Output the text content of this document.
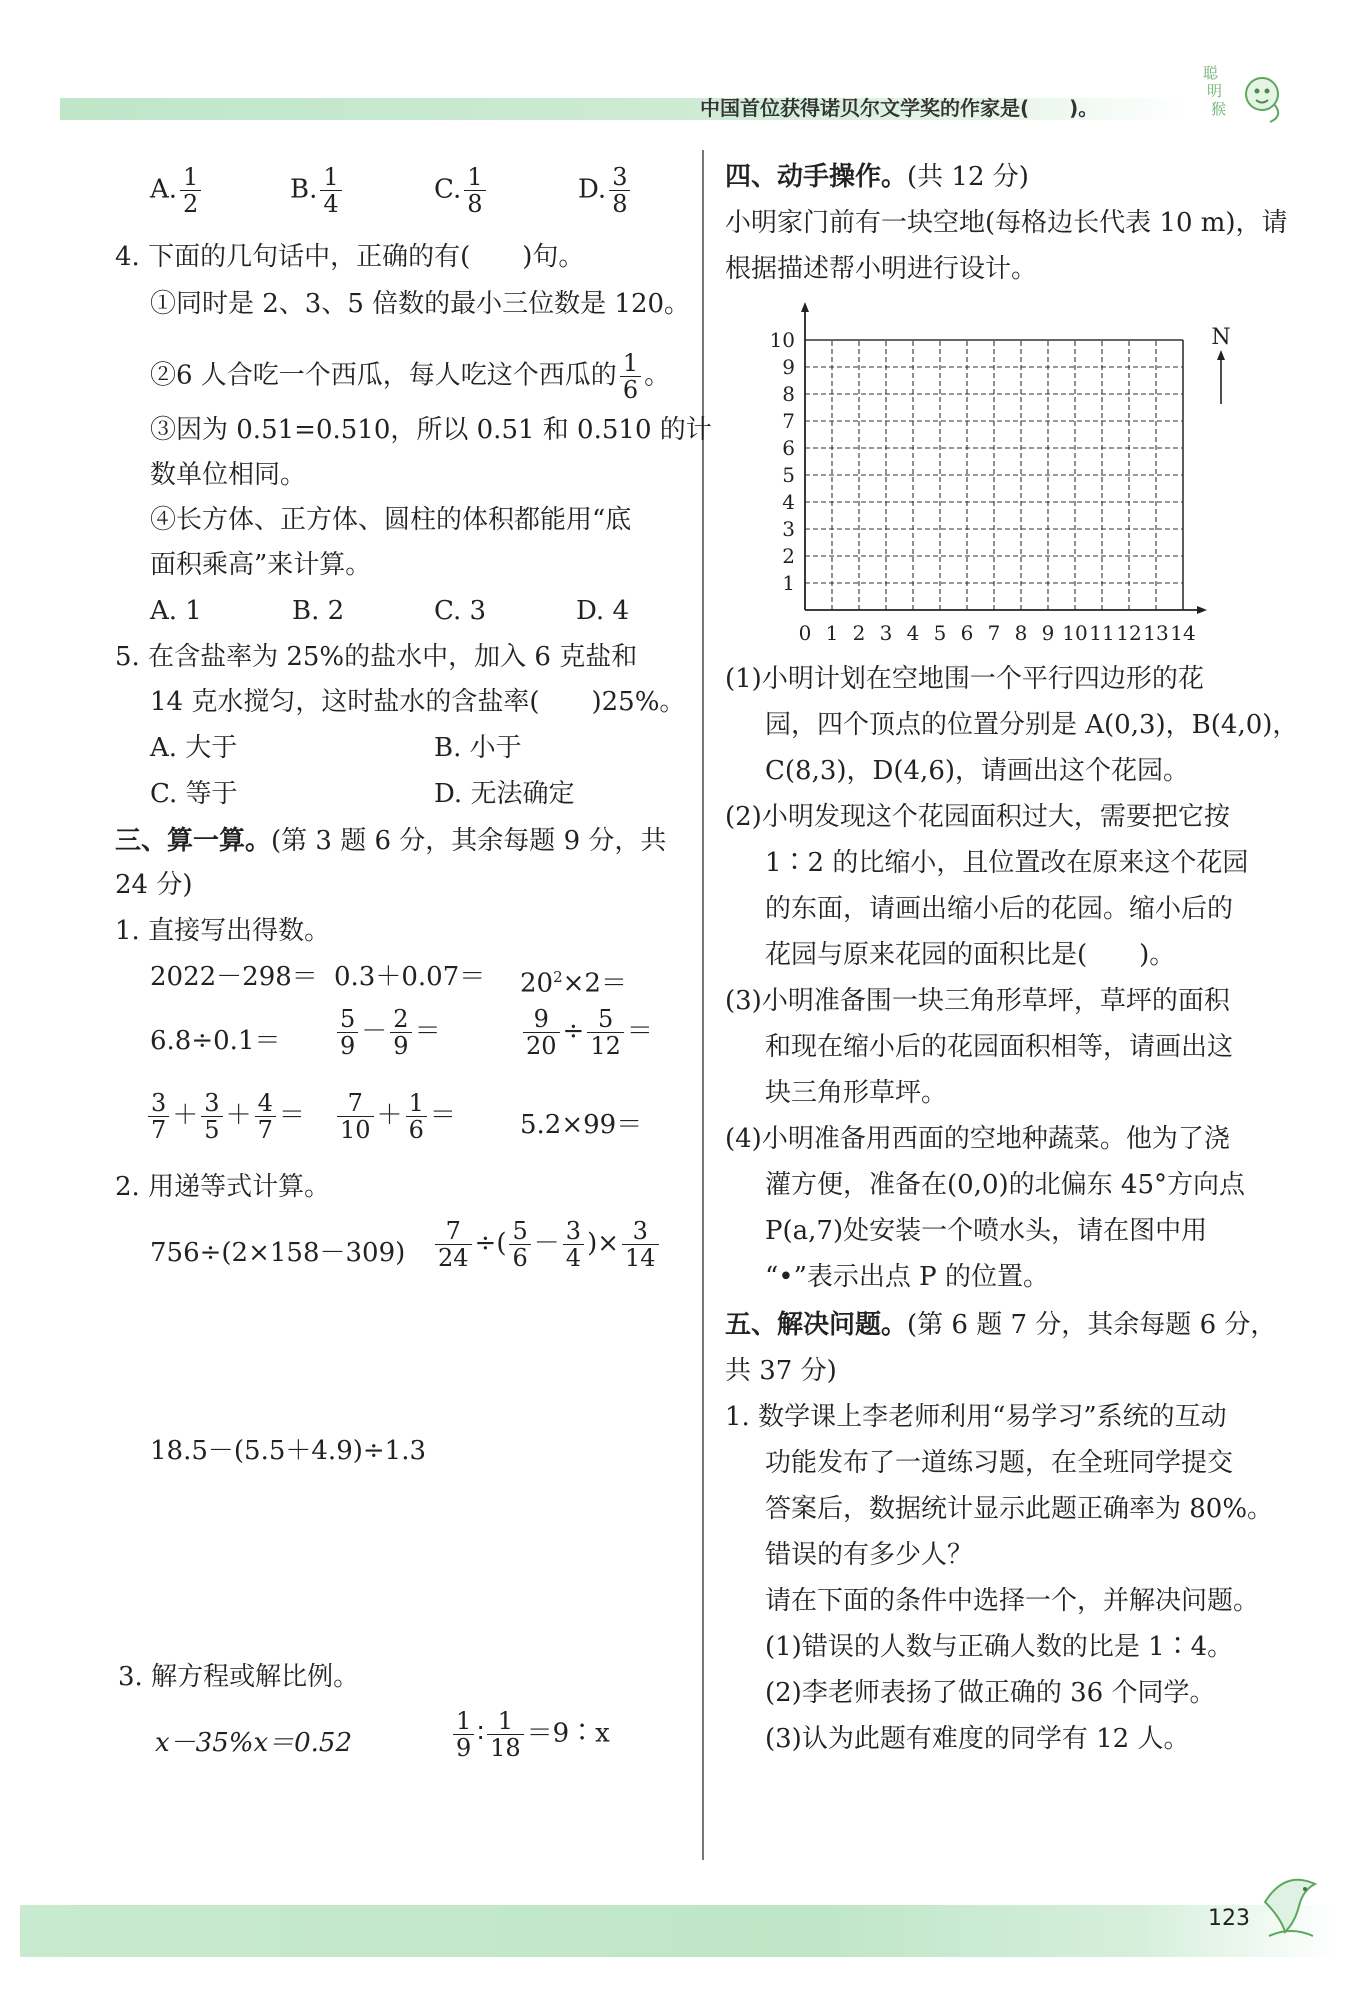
中国首位获得诺贝尔文学奖的作家是(　　)。
聪
明
猴
A. $\frac{1}{2}$	B. $\frac{1}{4}$	C. $\frac{1}{8}$	D. $\frac{3}{8}$
4. 下面的几句话中，正确的有(　　)句。
①同时是 2、3、5 倍数的最小三位数是 120。
②6 人合吃一个西瓜，每人吃这个西瓜的 $\frac{1}{6}$ 。
③因为 0.51=0.510，所以 0.51 和 0.510 的计
数单位相同。
④长方体、正方体、圆柱的体积都能用“底
面积乘高”来计算。
A. 1	B. 2	C. 3	D. 4
5. 在含盐率为 25%的盐水中，加入 6 克盐和
14 克水搅匀，这时盐水的含盐率(　　)25%。
A. 大于	B. 小于
C. 等于	D. 无法确定
三、算一算。(第 3 题 6 分，其余每题 9 分，共
24 分)
1. 直接写出得数。
$2022-298= 0.3+0.07= 20^2\times 2=$
$6.8\div 0.1= \frac{5}{9} - \frac{2}{9}$ ＝	$\frac{9}{20} \div \frac{5}{12}$ ＝
$\frac{3}{7} + \frac{3}{5} + \frac{4}{7} = \frac{7}{10} + \frac{1}{6} = 5.2\times 99=$
2. 用递等式计算。
$756\div(2\times 158-309) \frac{7}{24}$ ÷( $\frac{5}{6} - \frac{3}{4}$ )× $\frac{3}{14}$
18.5－(5.5＋4.9)÷1.3
3. 解方程或解比例。
x－35%x＝0.52	$\frac{1}{9}$ ∶ $\frac{1}{18}$ ＝9∶x
四、动手操作。(共 12 分)
小明家门前有一块空地(每格边长代表 10 m)，请
根据描述帮小明进行设计。
0 1 2 3 4 5 6 7 8 9 10 11 12 13 14
1
2
3
4
5
6
7
8
9
10	N
(1)小明计划在空地围一个平行四边形的花
园，四个顶点的位置分别是 A(0,3)，B(4,0)，
C(8,3)，D(4,6)，请画出这个花园。
(2)小明发现这个花园面积过大，需要把它按
1∶2 的比缩小，且位置改在原来这个花园
的东面，请画出缩小后的花园。缩小后的
花园与原来花园的面积比是(　　)。
(3)小明准备围一块三角形草坪，草坪的面积
和现在缩小后的花园面积相等，请画出这
块三角形草坪。
(4)小明准备用西面的空地种蔬菜。他为了浇
灌方便，准备在(0,0)的北偏东 45°方向点
P(a,7)处安装一个喷水头，请在图中用
“•”表示出点 P 的位置。
五、解决问题。(第 6 题 7 分，其余每题 6 分，
共 37 分)
1. 数学课上李老师利用“易学习”系统的互动
功能发布了一道练习题，在全班同学提交
答案后，数据统计显示此题正确率为 80%。
错误的有多少人？
请在下面的条件中选择一个，并解决问题。
(1)错误的人数与正确人数的比是 1∶4。
(2)李老师表扬了做正确的 36 个同学。
(3)认为此题有难度的同学有 12 人。
123
